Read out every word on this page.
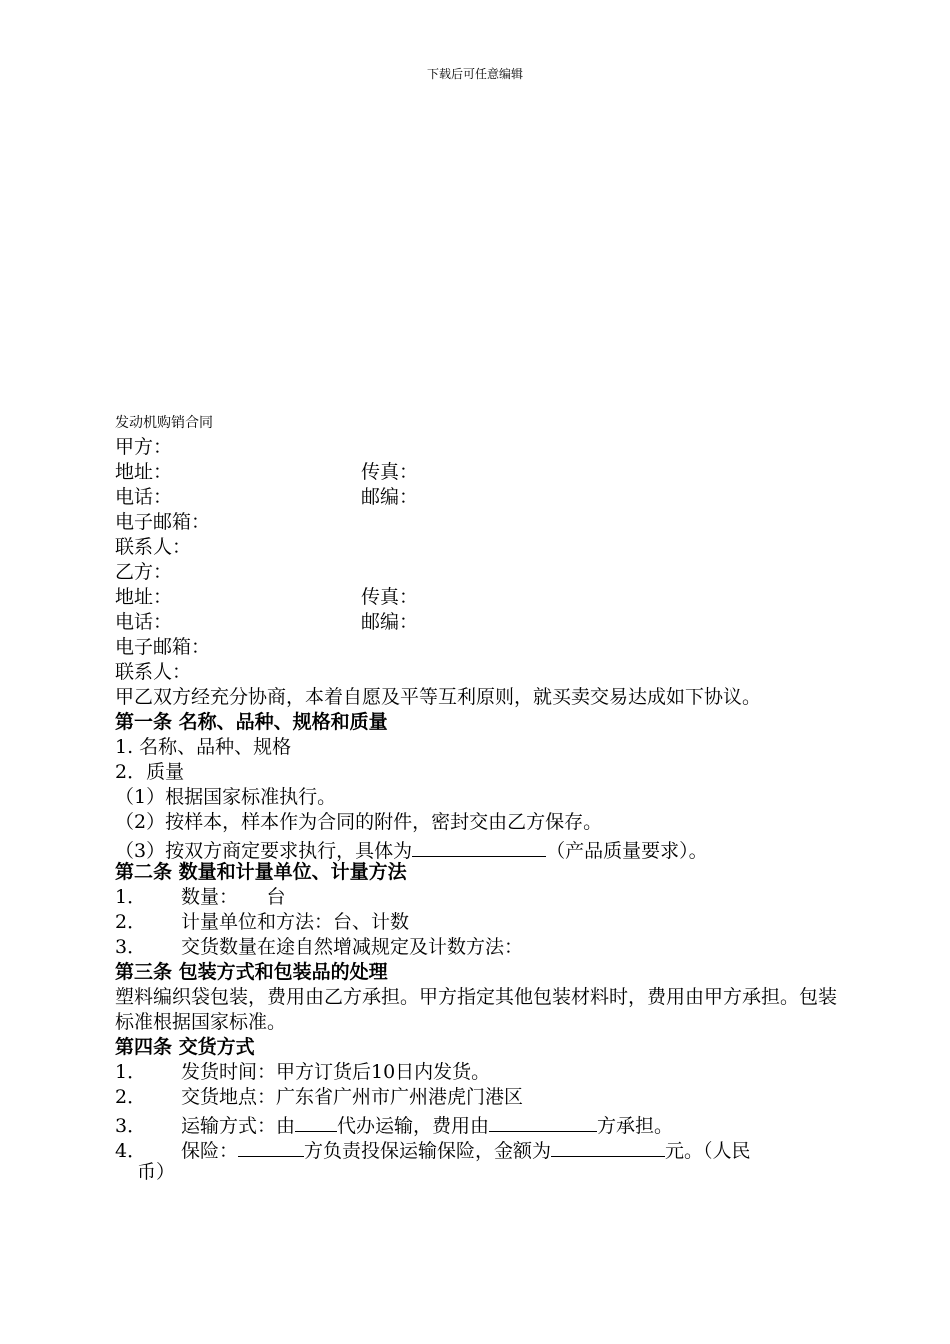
下载后可任意编辑
发动机购销合同
甲方：
地址：	传真：
电话：	邮编：
电子邮箱：
联系人：
乙方：
地址：	传真：
电话：	邮编：
电子邮箱：
联系人：
甲乙双方经充分协商，本着自愿及平等互利原则，就买卖交易达成如下协议。
第一条 名称、品种、规格和质量
1. 名称、品种、规格
2．质量
（1）根据国家标准执行。
（2）按样本，样本作为合同的附件，密封交由乙方保存。
（3）按双方商定要求执行，具体为	（产品质量要求）。
第二条 数量和计量单位、计量方法
1． 数量：　　台
2． 计量单位和方法：台、计数
3． 交货数量在途自然增减规定及计数方法：
第三条 包装方式和包装品的处理
塑料编织袋包装，费用由乙方承担。甲方指定其他包装材料时，费用由甲方承担。包装标准根据国家标准。
第四条 交货方式
1． 发货时间：甲方订货后10日内发货。
2． 交货地点：广东省广州市广州港虎门港区
3． 运输方式：由 代办运输，费用由	方承担。
4． 保险：	方负责投保运输保险，金额为	元。（人民
币）
